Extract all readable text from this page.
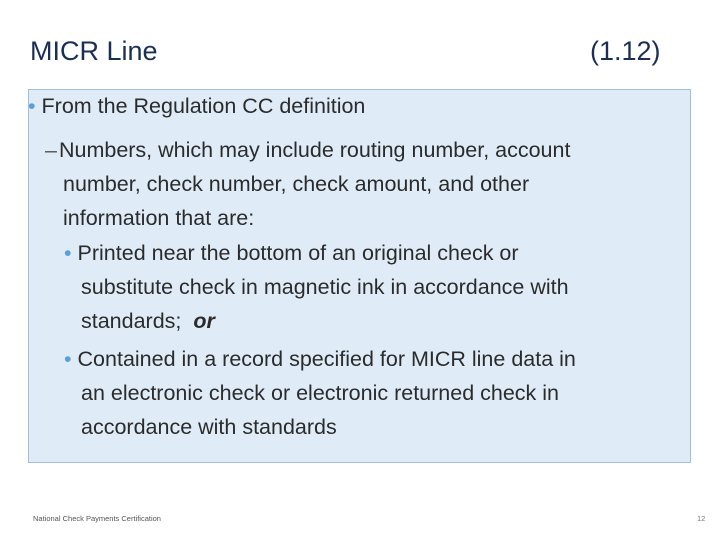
MICR Line	(1.12)
• From the Regulation CC definition
–Numbers, which may include routing number, account
number, check number, check amount, and other
information that are:
• Printed near the bottom of an original check or
substitute check in magnetic ink in accordance with
standards; or
• Contained in a record specified for MICR line data in
an electronic check or electronic returned check in
accordance with standards
National Check Payments Certification	12
